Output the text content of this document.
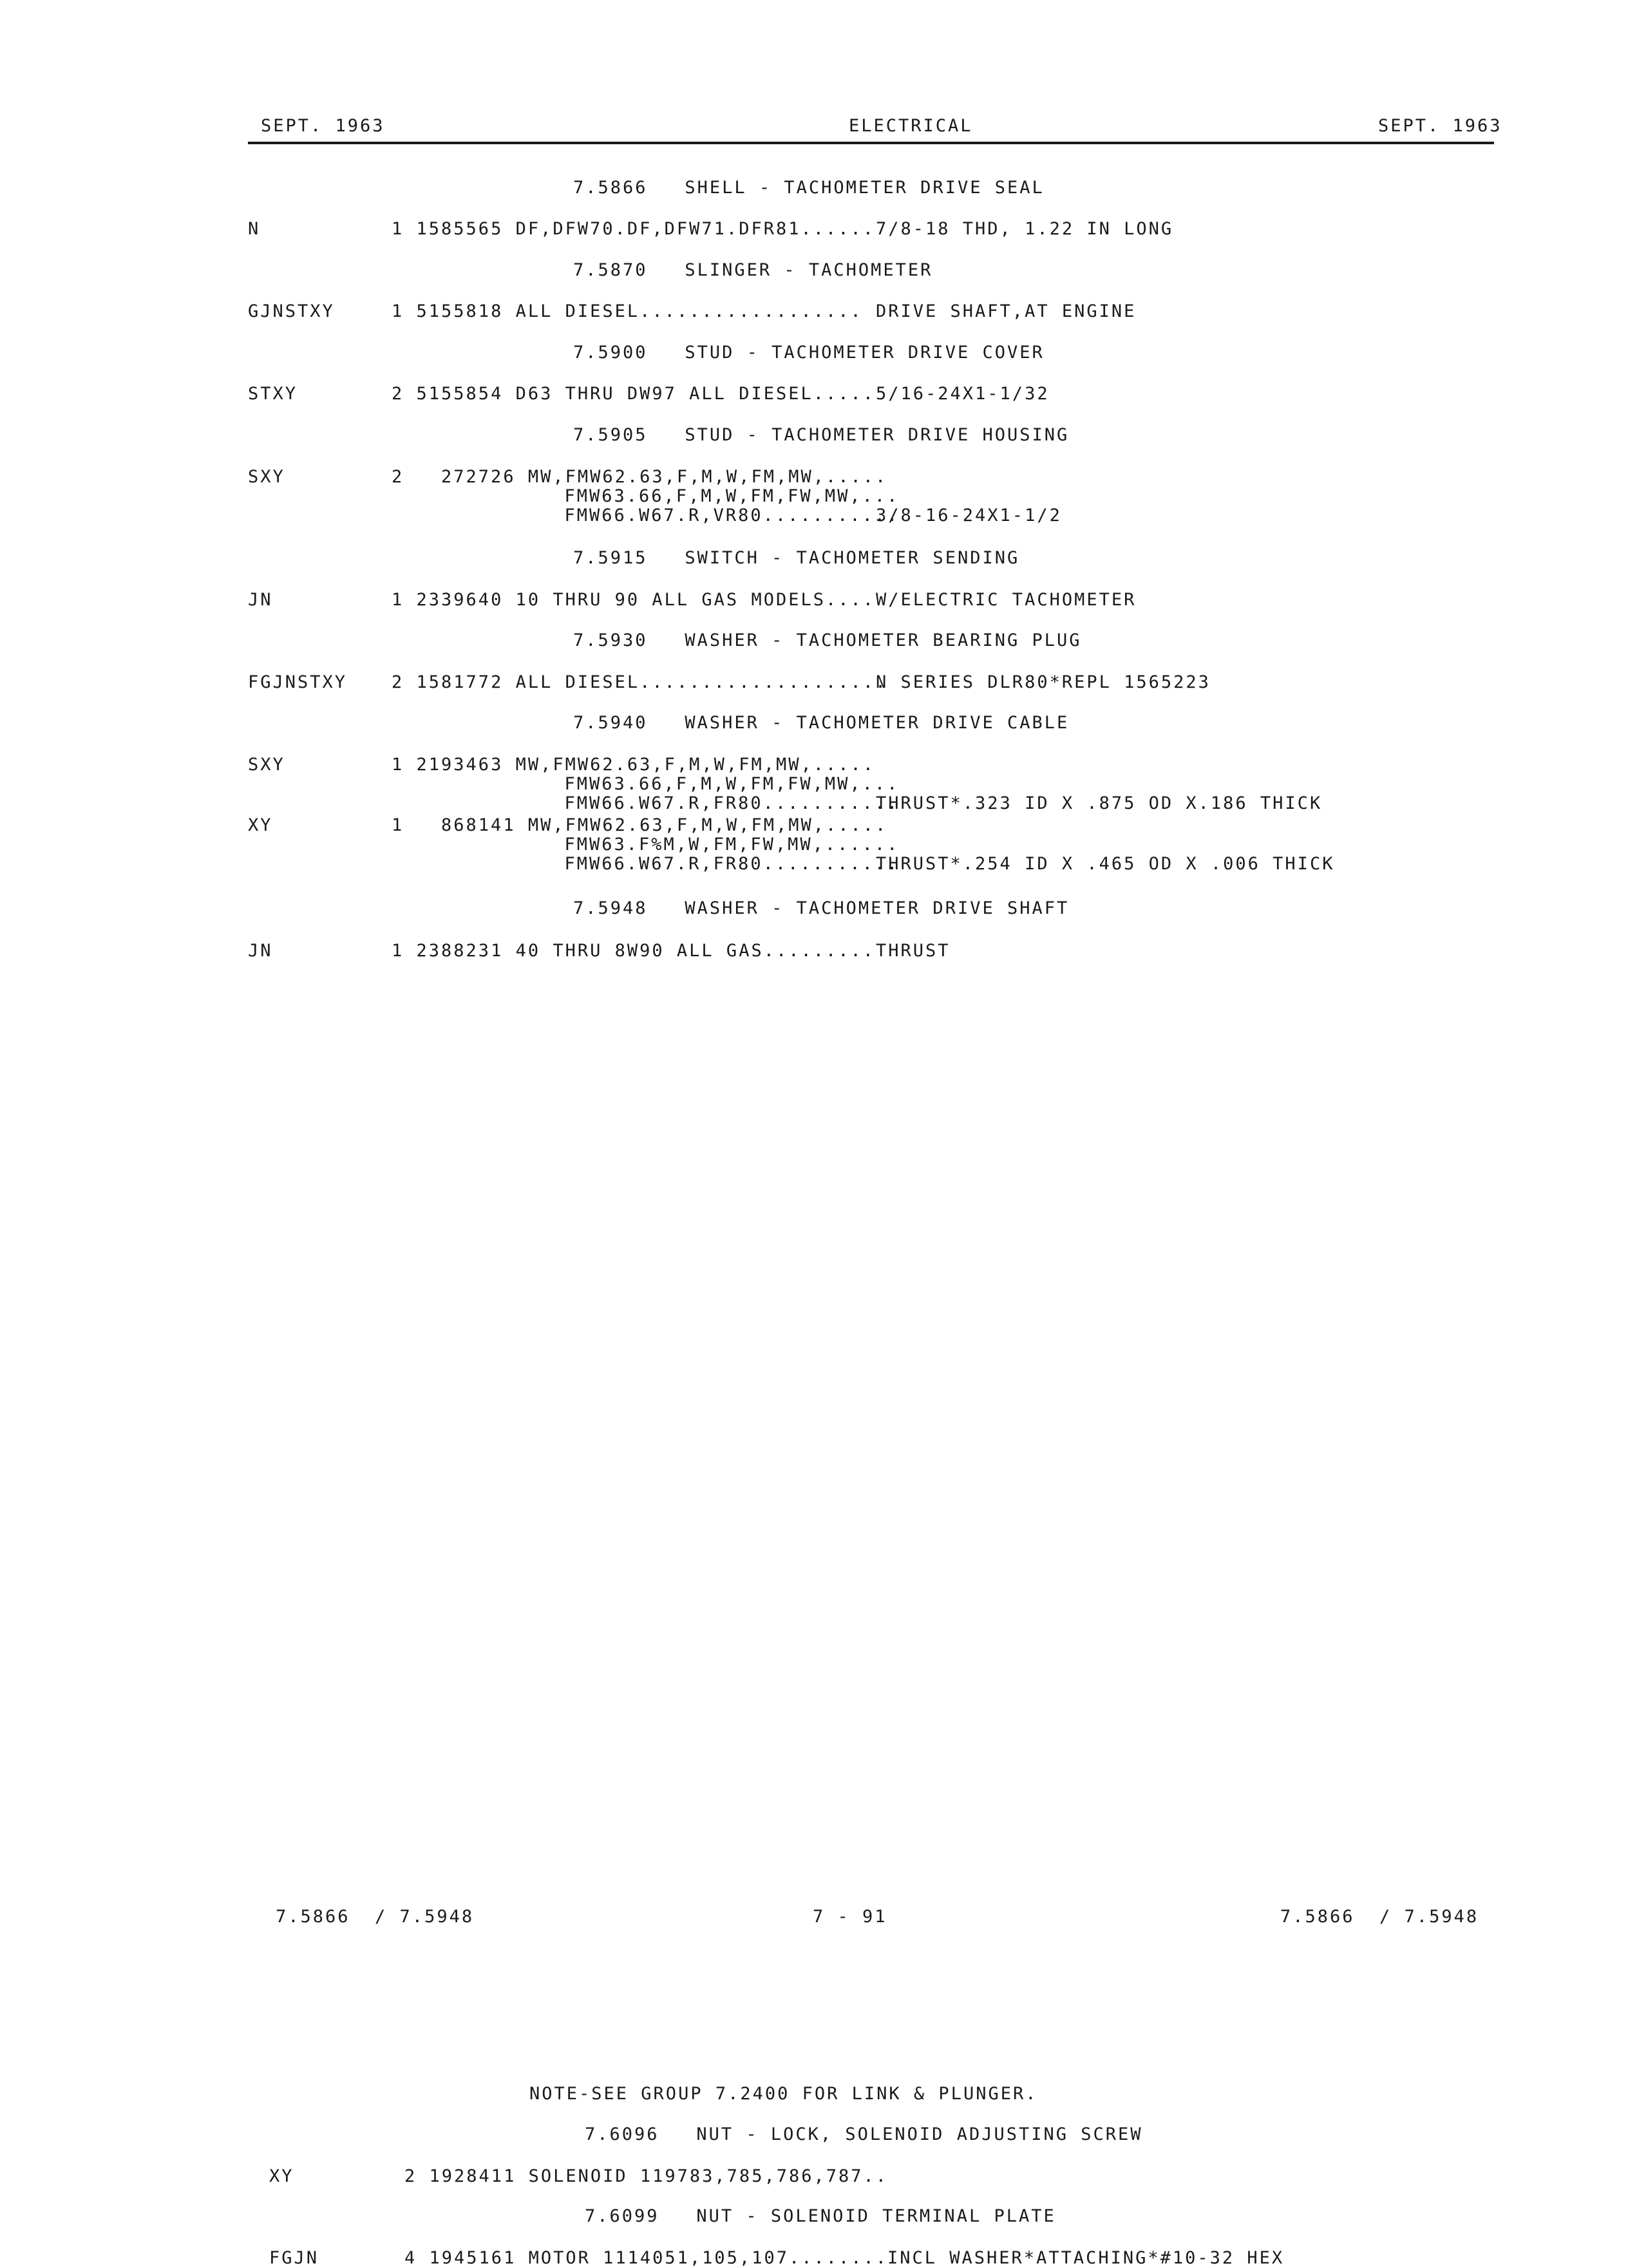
SEPT. 1963	ELECTRICAL	SEPT. 1963
7.5866 SHELL - TACHOMETER DRIVE SEAL
N	1 1585565 DF,DFW70.DF,DFW71.DFR81...... 7/8-18 THD, 1.22 IN LONG
7.5870 SLINGER - TACHOMETER
GJNSTXY	1 5155818 ALL DIESEL.................. DRIVE SHAFT,AT ENGINE
7.5900 STUD - TACHOMETER DRIVE COVER
STXY	2 5155854 D63 THRU DW97 ALL DIESEL..... 5/16-24X1-1/32
7.5905 STUD - TACHOMETER DRIVE HOUSING
SXY	2   272726 MW,FMW62.63,F,M,W,FM,MW,.....
FMW63.66,F,M,W,FM,FW,MW,...
FMW66.W67.R,VR80...........
3/8-16-24X1-1/2
7.5915 SWITCH - TACHOMETER SENDING
JN	1 2339640 10 THRU 90 ALL GAS MODELS.... W/ELECTRIC TACHOMETER
7.5930 WASHER - TACHOMETER BEARING PLUG
FGJNSTXY	2 1581772 ALL DIESEL....................
N SERIES DLR80*REPL 1565223
7.5940 WASHER - TACHOMETER DRIVE CABLE
SXY	1 2193463 MW,FMW62.63,F,M,W,FM,MW,.....
FMW63.66,F,M,W,FM,FW,MW,...
FMW66.W67.R,FR80...........
THRUST*.323 ID X .875 OD X.186 THICK
XY	1   868141 MW,FMW62.63,F,M,W,FM,MW,.....
FMW63.F%M,W,FM,FW,MW,......
FMW66.W67.R,FR80...........
THRUST*.254 ID X .465 OD X .006 THICK
7.5948 WASHER - TACHOMETER DRIVE SHAFT
JN	1 2388231 40 THRU 8W90 ALL GAS......... THRUST
7.5866  / 7.5948	7 - 91	7.5866  / 7.5948
NOTE-SEE GROUP 7.2400 FOR LINK & PLUNGER.
7.6096 NUT - LOCK, SOLENOID ADJUSTING SCREW
XY	2 1928411 SOLENOID 119783,785,786,787..
7.6099 NUT - SOLENOID TERMINAL PLATE
FGJN	4 1945161 MOTOR 1114051,105,107........ INCL WASHER*ATTACHING*#10-32 HEX
